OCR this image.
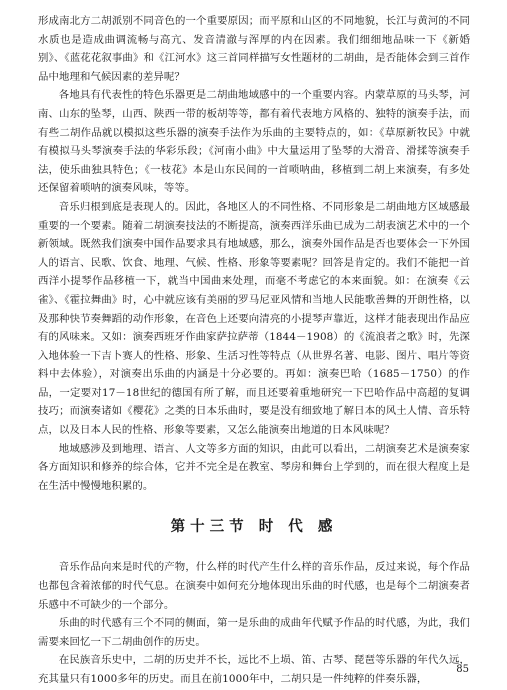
形成南北方二胡派别不同音色的一个重要原因；而平原和山区的不同地貌，长江与黄河的不同水质也是造成曲调流畅与高亢、发音清澈与浑厚的内在因素。我们细细地品味一下《新婚别》、《蓝花花叙事曲》和《江河水》这三首同样描写女性题材的二胡曲，是否能体会到三首作品中地理和气候因素的差异呢？

各地具有代表性的特色乐器更是二胡曲地域感中的一个重要内容。内蒙草原的马头琴，河南、山东的坠琴，山西、陕西一带的板胡等等，都有着代表地方风格的、独特的演奏手法，而有些二胡作品就以模拟这些乐器的演奏手法作为乐曲的主要特点的，如：《草原新牧民》中就有模拟马头琴演奏手法的华彩乐段；《河南小曲》中大量运用了坠琴的大滑音、滑揉等演奏手法，使乐曲独具特色；《一枝花》本是山东民间的一首唢呐曲，移植到二胡上来演奏，有多处还保留着唢呐的演奏风味，等等。

音乐归根到底是表现人的。因此，各地区人的不同性格、不同形象是二胡曲地方区域感最重要的一个要素。随着二胡演奏技法的不断提高，演奏西洋乐曲已成为二胡表演艺术中的一个新领域。既然我们演奏中国作品要求具有地域感，那么，演奏外国作品是否也要体会一下外国人的语言、民歌、饮食、地理、气候、性格、形象等要素呢？回答是肯定的。我们不能把一首西洋小提琴作品移植一下，就当中国曲来处理，而毫不考虑它的本来面貌。如：在演奏《云雀》、《霍拉舞曲》时，心中就应该有美丽的罗马尼亚风情和当地人民能歌善舞的开朗性格，以及那种快节奏舞蹈的动作形象，在音色上还要向清亮的小提琴声靠近，这样才能表现出作品应有的风味来。又如：演奏西班牙作曲家萨拉萨蒂（1844－1908）的《流浪者之歌》时，先深入地体验一下吉卜赛人的性格、形象、生活习性等特点（从世界名著、电影、图片、唱片等资料中去体验），对演奏出乐曲的内涵是十分必要的。再如：演奏巴哈（1685－1750）的作品，一定要对17－18世纪的德国有所了解，而且还要着重地研究一下巴哈作品中高超的复调技巧；而演奏诸如《樱花》之类的日本乐曲时，要是没有细致地了解日本的风土人情、音乐特点，以及日本人民的性格、形象等要素，又怎么能演奏出地道的日本风味呢？

地域感涉及到地理、语言、人文等多方面的知识，由此可以看出，二胡演奏艺术是演奏家各方面知识和修养的综合体，它并不完全是在教室、琴房和舞台上学到的，而在很大程度上是在生活中慢慢地积累的。

第十三节 时 代 感

音乐作品向来是时代的产物，什么样的时代产生什么样的音乐作品，反过来说，每个作品也都包含着浓郁的时代气息。在演奏中如何充分地体现出乐曲的时代感，也是每个二胡演奏者乐感中不可缺少的一个部分。

乐曲的时代感有三个不同的侧面，第一是乐曲的成曲年代赋予作品的时代感，为此，我们需要来回忆一下二胡曲创作的历史。

在民族音乐史中，二胡的历史并不长，远比不上埙、笛、古琴、琵琶等乐器的年代久远，充其量只有1000多年的历史。而且在前1000年中，二胡只是一件纯粹的伴奏乐器，

85
